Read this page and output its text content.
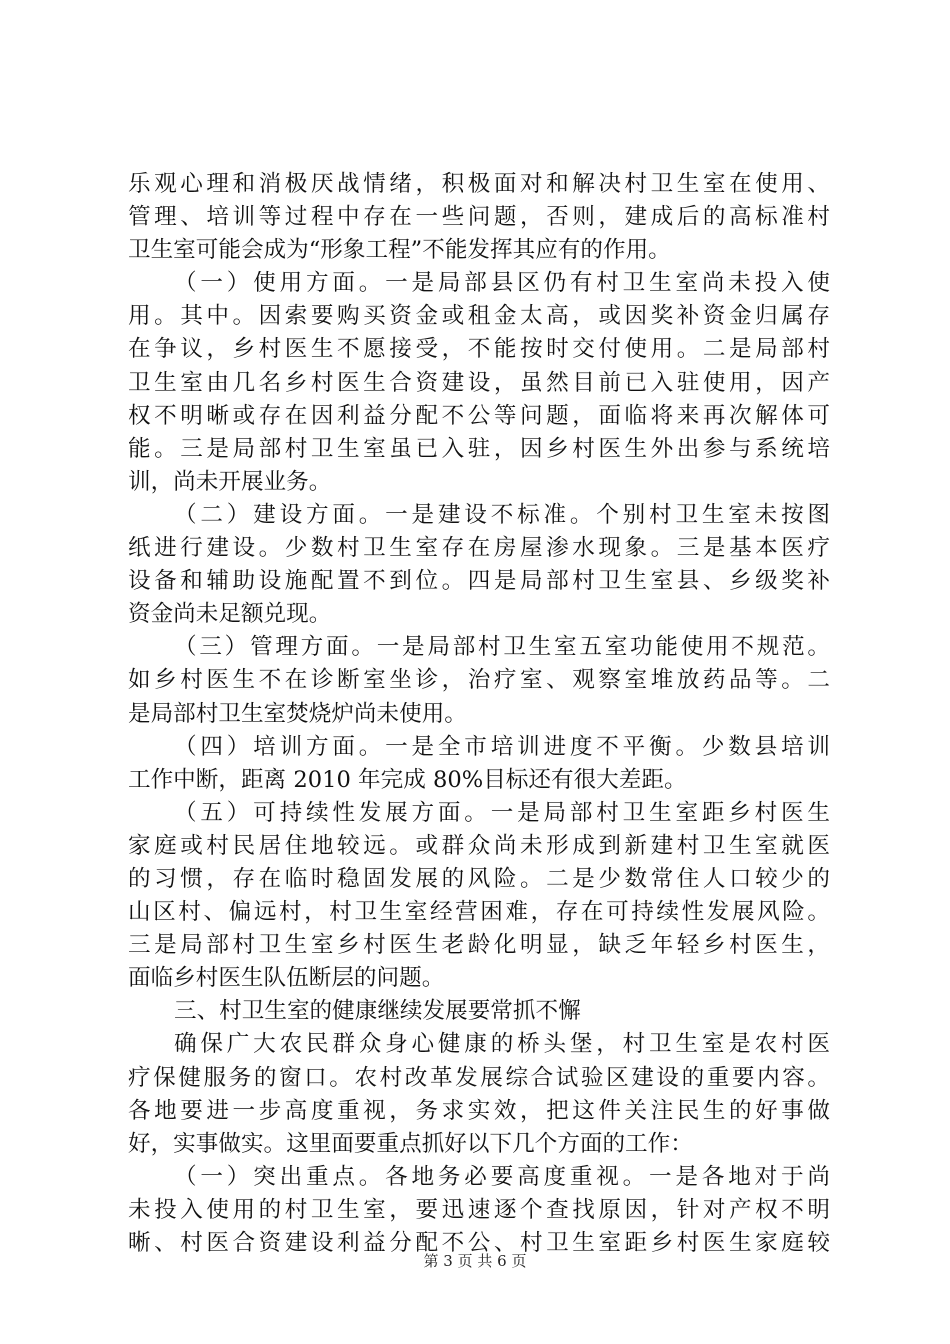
乐观心理和消极厌战情绪，积极面对和解决村卫生室在使用、
管理、培训等过程中存在一些问题，否则，建成后的高标准村
卫生室可能会成为“形象工程”不能发挥其应有的作用。
（一）使用方面。一是局部县区仍有村卫生室尚未投入使
用。其中。因索要购买资金或租金太高，或因奖补资金归属存
在争议，乡村医生不愿接受，不能按时交付使用。二是局部村
卫生室由几名乡村医生合资建设，虽然目前已入驻使用，因产
权不明晰或存在因利益分配不公等问题，面临将来再次解体可
能。三是局部村卫生室虽已入驻，因乡村医生外出参与系统培
训，尚未开展业务。
（二）建设方面。一是建设不标准。个别村卫生室未按图
纸进行建设。少数村卫生室存在房屋渗水现象。三是基本医疗
设备和辅助设施配置不到位。四是局部村卫生室县、乡级奖补
资金尚未足额兑现。
（三）管理方面。一是局部村卫生室五室功能使用不规范。
如乡村医生不在诊断室坐诊，治疗室、观察室堆放药品等。二
是局部村卫生室焚烧炉尚未使用。
（四）培训方面。一是全市培训进度不平衡。少数县培训
工作中断，距离 2010 年完成 80%目标还有很大差距。
（五）可持续性发展方面。一是局部村卫生室距乡村医生
家庭或村民居住地较远。或群众尚未形成到新建村卫生室就医
的习惯，存在临时稳固发展的风险。二是少数常住人口较少的
山区村、偏远村，村卫生室经营困难，存在可持续性发展风险。
三是局部村卫生室乡村医生老龄化明显，缺乏年轻乡村医生，
面临乡村医生队伍断层的问题。
三、村卫生室的健康继续发展要常抓不懈
确保广大农民群众身心健康的桥头堡，村卫生室是农村医
疗保健服务的窗口。农村改革发展综合试验区建设的重要内容。
各地要进一步高度重视，务求实效，把这件关注民生的好事做
好，实事做实。这里面要重点抓好以下几个方面的工作：
（一）突出重点。各地务必要高度重视。一是各地对于尚
未投入使用的村卫生室，要迅速逐个查找原因，针对产权不明
晰、村医合资建设利益分配不公、村卫生室距乡村医生家庭较
第 3 页 共 6 页
